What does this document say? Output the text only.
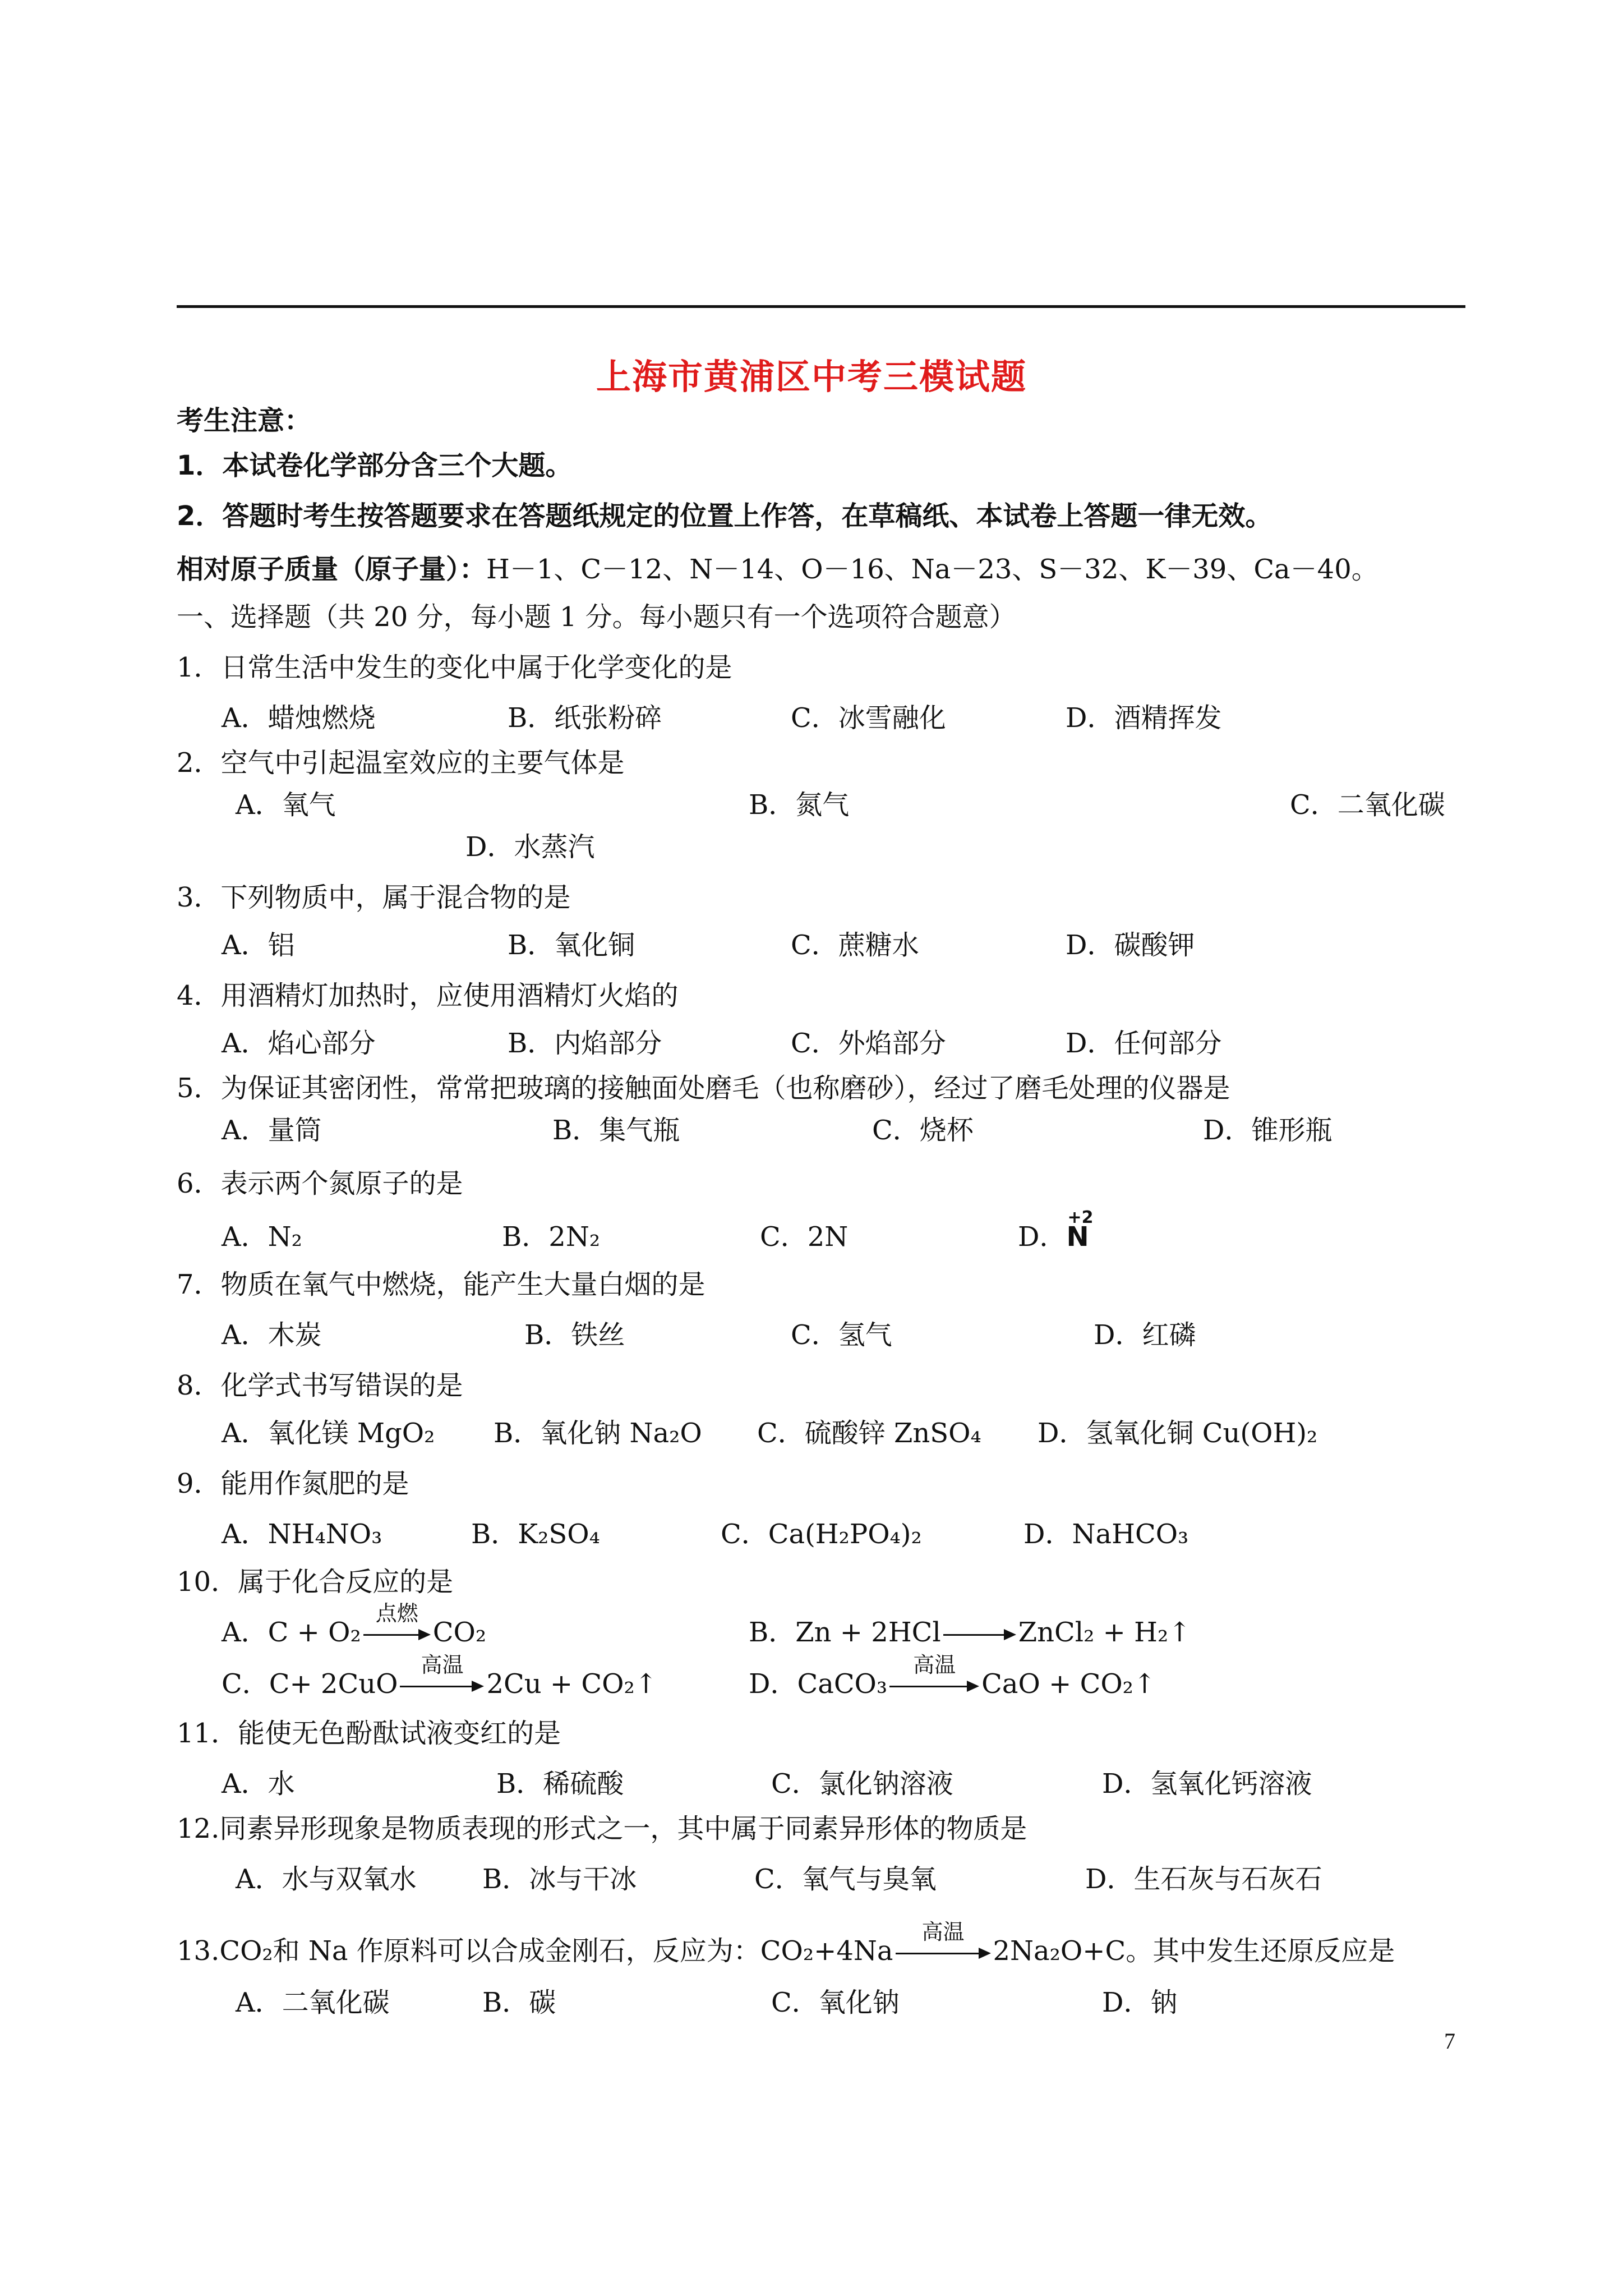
上海市黄浦区中考三模试题
考生注意：
1．本试卷化学部分含三个大题。
2．答题时考生按答题要求在答题纸规定的位置上作答，在草稿纸、本试卷上答题一律无效。
相对原子质量（原子量）：H－1、C－12、N－14、O－16、Na－23、S－32、K－39、Ca－40。
一、选择题（共 20 分，每小题 1 分。每小题只有一个选项符合题意）
1．日常生活中发生的变化中属于化学变化的是
A．蜡烛燃烧	B．纸张粉碎	C．冰雪融化	D．酒精挥发
2．空气中引起温室效应的主要气体是
A．氧气	B．氮气	C．二氧化碳
D．水蒸汽
3．下列物质中，属于混合物的是
A．铝	B．氧化铜	C．蔗糖水	D．碳酸钾
4．用酒精灯加热时，应使用酒精灯火焰的
A．焰心部分	B．内焰部分	C．外焰部分	D．任何部分
5．为保证其密闭性，常常把玻璃的接触面处磨毛（也称磨砂），经过了磨毛处理的仪器是
A．量筒	B．集气瓶	C．烧杯	D．锥形瓶
6．表示两个氮原子的是
A．N₂	B．2N₂	C．2N	D．
+2
N
7．物质在氧气中燃烧，能产生大量白烟的是
A．木炭	B．铁丝	C．氢气	D．红磷
8．化学式书写错误的是
A．氧化镁 MgO₂ B．氧化钠 Na₂O C．硫酸锌 ZnSO₄ D．氢氧化铜 Cu(OH)₂
9．能用作氮肥的是
A．NH₄NO₃	B．K₂SO₄	C．Ca(H₂PO₄)₂	D．NaHCO₃
10．属于化合反应的是
A．C + O₂
点燃
CO₂	B．Zn + 2HCl	ZnCl₂ + H₂↑
C．C+ 2CuO
高温
2Cu + CO₂↑	D．CaCO₃
高温
CaO + CO₂↑
11．能使无色酚酞试液变红的是
A．水	B．稀硫酸	C．氯化钠溶液	D．氢氧化钙溶液
12.同素异形现象是物质表现的形式之一，其中属于同素异形体的物质是
A．水与双氧水 B．冰与干冰	C．氧气与臭氧	D．生石灰与石灰石
13.CO₂和 Na 作原料可以合成金刚石，反应为：CO₂+4Na
高温
2Na₂O+C。其中发生还原反应是
A．二氧化碳	B．碳	C．氧化钠	D．钠
7
